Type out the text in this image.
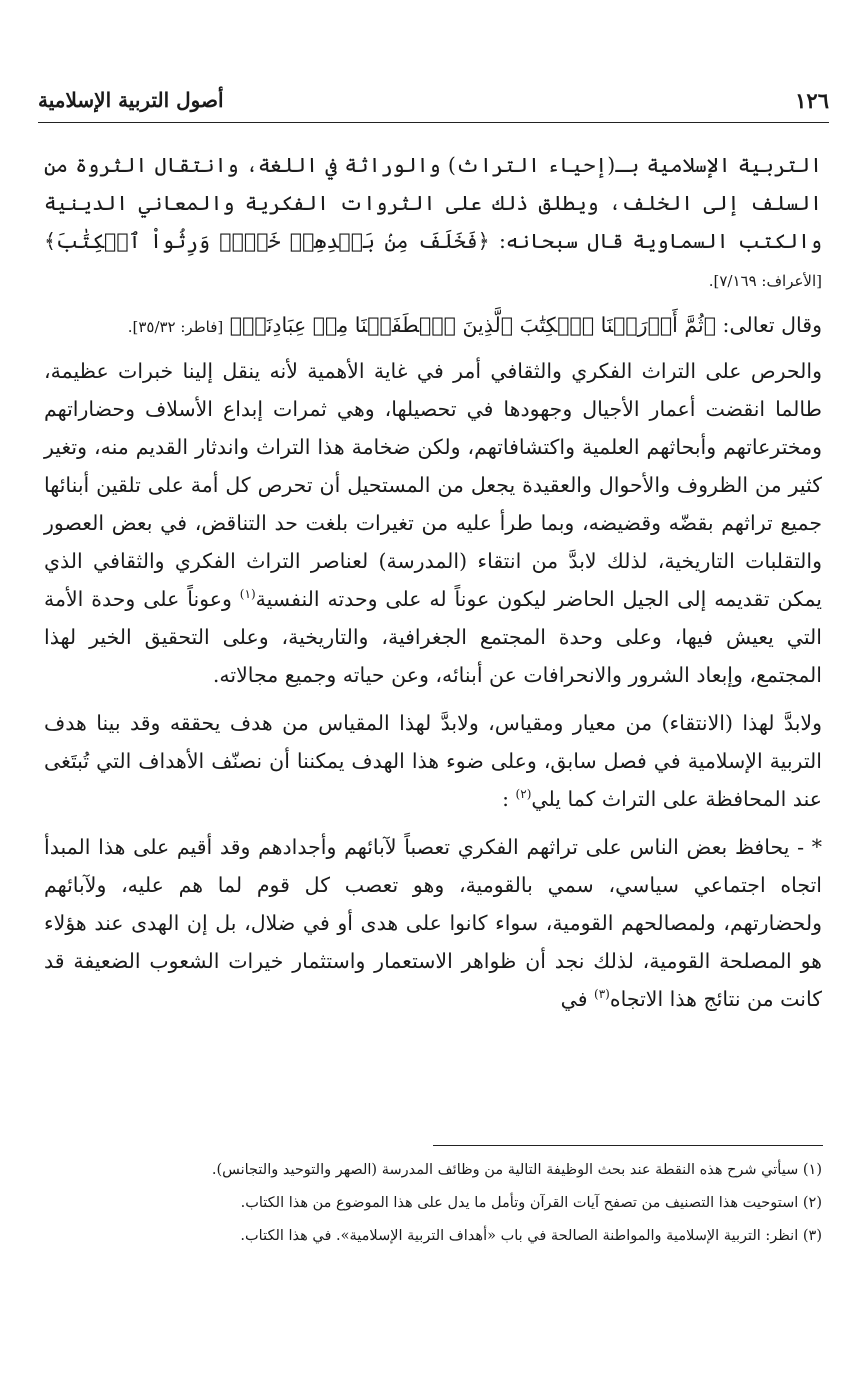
١٢٦
أصول التربية الإسلامية

التربية الإسلامية بـ(إحياء التراث) والوراثة في اللغة، وانتقال الثروة من السلف إلى الخلف، ويطلق ذلك على الثروات الفكرية والمعاني الدينية والكتب السماوية قال سبحانه: ﴿فَخَلَفَ مِنۢ بَعۡدِهِمۡ خَلۡفٞ وَرِثُواْ ٱلۡكِتَٰبَ﴾ [الأعراف: ٧/١٦٩].

وقال تعالى: ﴿ثُمَّ أَوۡرَثۡنَا ٱلۡكِتَٰبَ ٱلَّذِينَ ٱصۡطَفَيۡنَا مِنۡ عِبَادِنَاۖ﴾ [فاطر: ٣٥/٣٢].

والحرص على التراث الفكري والثقافي أمر في غاية الأهمية لأنه ينقل إلينا خبرات عظيمة، طالما انقضت أعمار الأجيال وجهودها في تحصيلها، وهي ثمرات إبداع الأسلاف وحضاراتهم ومخترعاتهم وأبحاثهم العلمية واكتشافاتهم، ولكن ضخامة هذا التراث واندثار القديم منه، وتغير كثير من الظروف والأحوال والعقيدة يجعل من المستحيل أن تحرص كل أمة على تلقين أبنائها جميع تراثهم بقضّه وقضيضه، وبما طرأ عليه من تغيرات بلغت حد التناقض، في بعض العصور والتقلبات التاريخية، لذلك لابدَّ من انتقاء (المدرسة) لعناصر التراث الفكري والثقافي الذي يمكن تقديمه إلى الجيل الحاضر ليكون عوناً له على وحدته النفسية$^{(١)}$ وعوناً على وحدة الأمة التي يعيش فيها، وعلى وحدة المجتمع الجغرافية، والتاريخية، وعلى التحقيق الخير لهذا المجتمع، وإبعاد الشرور والانحرافات عن أبنائه، وعن حياته وجميع مجالاته.

ولابدَّ لهذا (الانتقاء) من معيار ومقياس، ولابدَّ لهذا المقياس من هدف يحققه وقد بينا هدف التربية الإسلامية في فصل سابق، وعلى ضوء هذا الهدف يمكننا أن نصنّف الأهداف التي تُبتَغى عند المحافظة على التراث كما يلي$^{(٢)}$ :

* - يحافظ بعض الناس على تراثهم الفكري تعصباً لآبائهم وأجدادهم وقد أقيم على هذا المبدأ اتجاه اجتماعي سياسي، سمي بالقومية، وهو تعصب كل قوم لما هم عليه، ولآبائهم ولحضارتهم، ولمصالحهم القومية، سواء كانوا على هدى أو في ضلال، بل إن الهدى عند هؤلاء هو المصلحة القومية، لذلك نجد أن ظواهر الاستعمار واستثمار خيرات الشعوب الضعيفة قد كانت من نتائج هذا الاتجاه$^{(٣)}$ في

(١) سيأتي شرح هذه النقطة عند بحث الوظيفة التالية من وظائف المدرسة (الصهر والتوحيد والتجانس).

(٢) استوحيت هذا التصنيف من تصفح آيات القرآن وتأمل ما يدل على هذا الموضوع من هذا الكتاب.

(٣) انظر: التربية الإسلامية والمواطنة الصالحة في باب «أهداف التربية الإسلامية». في هذا الكتاب.
